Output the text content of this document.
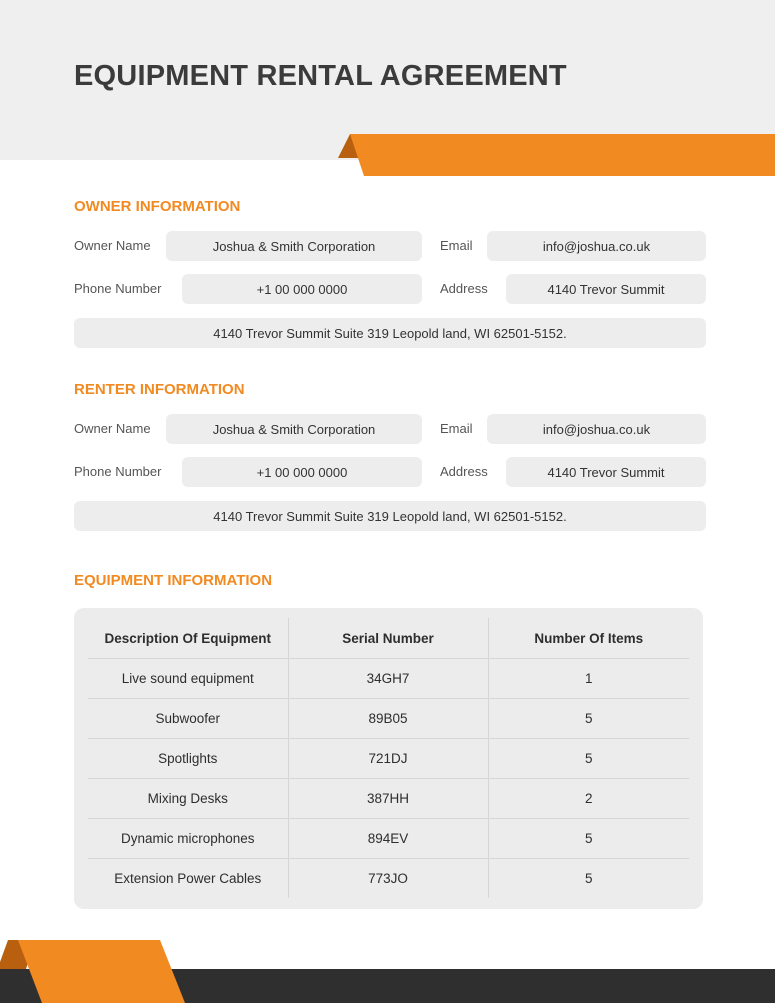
EQUIPMENT RENTAL AGREEMENT
OWNER INFORMATION
Owner Name	Joshua & Smith Corporation	Email	info@joshua.co.uk
Phone Number	+1 00 000 0000	Address	4140 Trevor Summit
4140 Trevor Summit Suite 319 Leopold land, WI 62501-5152.
RENTER INFORMATION
Owner Name	Joshua & Smith Corporation	Email	info@joshua.co.uk
Phone Number	+1 00 000 0000	Address	4140 Trevor Summit
4140 Trevor Summit Suite 319 Leopold land, WI 62501-5152.
EQUIPMENT INFORMATION
Description Of Equipment	Serial Number	Number Of Items
Live sound equipment	34GH7	1
Subwoofer	89B05	5
Spotlights	721DJ	5
Mixing Desks	387HH	2
Dynamic microphones	894EV	5
Extension Power Cables	773JO	5
